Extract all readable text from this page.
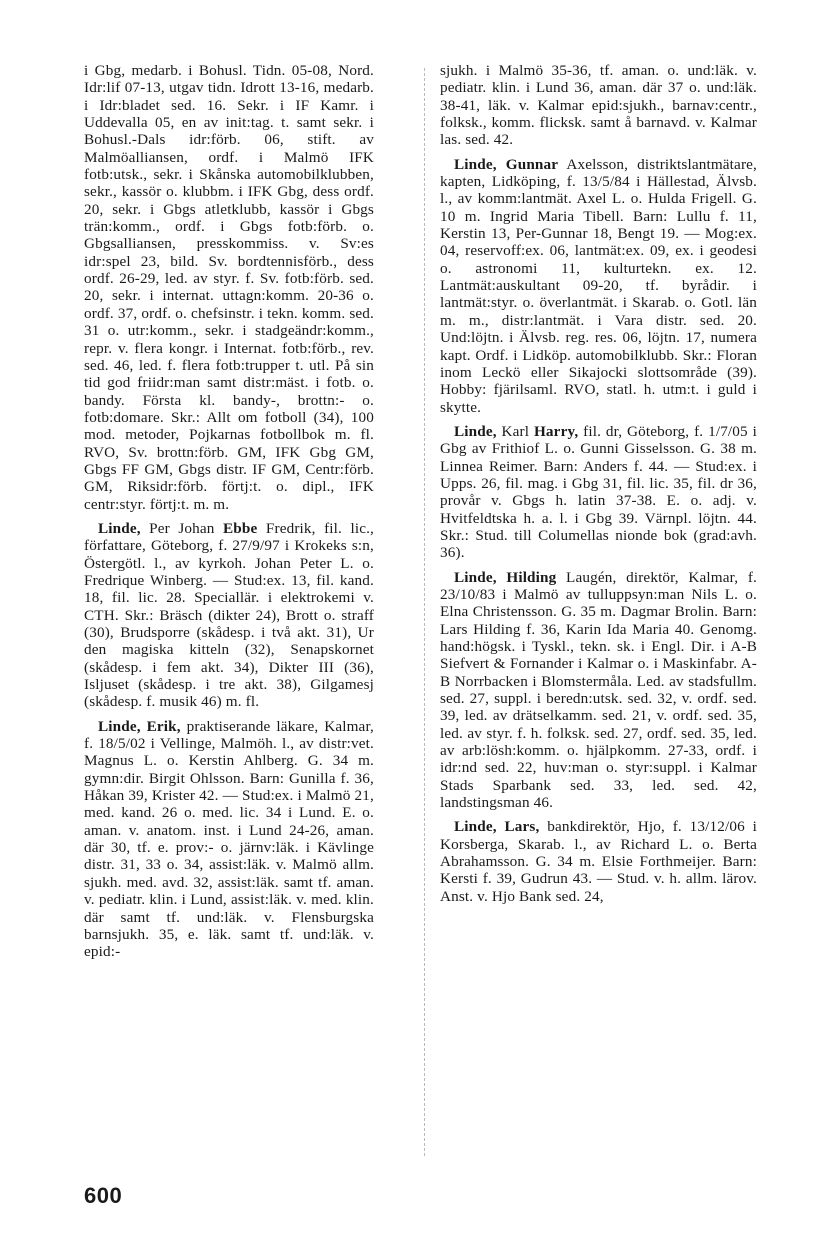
i Gbg, medarb. i Bohusl. Tidn. 05-08, Nord. Idr:lif 07-13, utgav tidn. Idrott 13-16, medarb. i Idr:bladet sed. 16. Sekr. i IF Kamr. i Uddevalla 05, en av init:tag. t. samt sekr. i Bohusl.-Dals idr:förb. 06, stift. av Malmöalliansen, ordf. i Malmö IFK fotb:utsk., sekr. i Skånska automobilklubben, sekr., kassör o. klubbm. i IFK Gbg, dess ordf. 20, sekr. i Gbgs atletklubb, kassör i Gbgs trän:komm., ordf. i Gbgs fotb:förb. o. Gbgsalliansen, presskommiss. v. Sv:es idr:spel 23, bild. Sv. bordtennisförb., dess ordf. 26-29, led. av styr. f. Sv. fotb:förb. sed. 20, sekr. i internat. uttagn:komm. 20-36 o. ordf. 37, ordf. o. chefsinstr. i tekn. komm. sed. 31 o. utr:komm., sekr. i stadgeändr:komm., repr. v. flera kongr. i Internat. fotb:förb., rev. sed. 46, led. f. flera fotb:trupper t. utl. På sin tid god friidr:man samt distr:mäst. i fotb. o. bandy. Första kl. bandy-, brottn:- o. fotb:domare. Skr.: Allt om fotboll (34), 100 mod. metoder, Pojkarnas fotbollbok m. fl. RVO, Sv. brottn:förb. GM, IFK Gbg GM, Gbgs FF GM, Gbgs distr. IF GM, Centr:förb. GM, Riksidr:förb. förtj:t. o. dipl., IFK centr:styr. förtj:t. m. m.

Linde, Per Johan Ebbe Fredrik, fil. lic., författare, Göteborg, f. 27/9/97 i Krokeks s:n, Östergötl. l., av kyrkoh. Johan Peter L. o. Fredrique Winberg. — Stud:ex. 13, fil. kand. 18, fil. lic. 28. Speciallär. i elektrokemi v. CTH. Skr.: Bräsch (dikter 24), Brott o. straff (30), Brudsporre (skådesp. i två akt. 31), Ur den magiska kitteln (32), Senapskornet (skådesp. i fem akt. 34), Dikter III (36), Isljuset (skådesp. i tre akt. 38), Gilgamesj (skådesp. f. musik 46) m. fl.

Linde, Erik, praktiserande läkare, Kalmar, f. 18/5/02 i Vellinge, Malmöh. l., av distr:vet. Magnus L. o. Kerstin Ahlberg. G. 34 m. gymn:dir. Birgit Ohlsson. Barn: Gunilla f. 36, Håkan 39, Krister 42. — Stud:ex. i Malmö 21, med. kand. 26 o. med. lic. 34 i Lund. E. o. aman. v. anatom. inst. i Lund 24-26, aman. där 30, tf. e. prov:- o. järnv:läk. i Kävlinge distr. 31, 33 o. 34, assist:läk. v. Malmö allm. sjukh. med. avd. 32, assist:läk. samt tf. aman. v. pediatr. klin. i Lund, assist:läk. v. med. klin. där samt tf. und:läk. v. Flensburgska barnsjukh. 35, e. läk. samt tf. und:läk. v. epid:-

sjukh. i Malmö 35-36, tf. aman. o. und:läk. v. pediatr. klin. i Lund 36, aman. där 37 o. und:läk. 38-41, läk. v. Kalmar epid:sjukh., barnav:centr., folksk., komm. flicksk. samt å barnavd. v. Kalmar las. sed. 42.

Linde, Gunnar Axelsson, distriktslantmätare, kapten, Lidköping, f. 13/5/84 i Hällestad, Älvsb. l., av komm:lantmät. Axel L. o. Hulda Frigell. G. 10 m. Ingrid Maria Tibell. Barn: Lullu f. 11, Kerstin 13, Per-Gunnar 18, Bengt 19. — Mog:ex. 04, reservoff:ex. 06, lantmät:ex. 09, ex. i geodesi o. astronomi 11, kulturtekn. ex. 12. Lantmät:auskultant 09-20, tf. byrådir. i lantmät:styr. o. överlantmät. i Skarab. o. Gotl. län m. m., distr:lantmät. i Vara distr. sed. 20. Und:löjtn. i Älvsb. reg. res. 06, löjtn. 17, numera kapt. Ordf. i Lidköp. automobilklubb. Skr.: Floran inom Leckö eller Sikajocki slottsområde (39). Hobby: fjärilsaml. RVO, statl. h. utm:t. i guld i skytte.

Linde, Karl Harry, fil. dr, Göteborg, f. 1/7/05 i Gbg av Frithiof L. o. Gunni Gisselsson. G. 38 m. Linnea Reimer. Barn: Anders f. 44. — Stud:ex. i Upps. 26, fil. mag. i Gbg 31, fil. lic. 35, fil. dr 36, provår v. Gbgs h. latin 37-38. E. o. adj. v. Hvitfeldtska h. a. l. i Gbg 39. Värnpl. löjtn. 44. Skr.: Stud. till Columellas nionde bok (grad:avh. 36).

Linde, Hilding Laugén, direktör, Kalmar, f. 23/10/83 i Malmö av tulluppsyn:man Nils L. o. Elna Christensson. G. 35 m. Dagmar Brolin. Barn: Lars Hilding f. 36, Karin Ida Maria 40. Genomg. hand:högsk. i Tyskl., tekn. sk. i Engl. Dir. i A-B Siefvert & Fornander i Kalmar o. i Maskinfabr. A-B Norrbacken i Blomstermåla. Led. av stadsfullm. sed. 27, suppl. i beredn:utsk. sed. 32, v. ordf. sed. 39, led. av drätselkamm. sed. 21, v. ordf. sed. 35, led. av styr. f. h. folksk. sed. 27, ordf. sed. 35, led. av arb:lösh:komm. o. hjälpkomm. 27-33, ordf. i idr:nd sed. 22, huv:man o. styr:suppl. i Kalmar Stads Sparbank sed. 33, led. sed. 42, landstingsman 46.

Linde, Lars, bankdirektör, Hjo, f. 13/12/06 i Korsberga, Skarab. l., av Richard L. o. Berta Abrahamsson. G. 34 m. Elsie Forthmeijer. Barn: Kersti f. 39, Gudrun 43. — Stud. v. h. allm. lärov. Anst. v. Hjo Bank sed. 24,

600
